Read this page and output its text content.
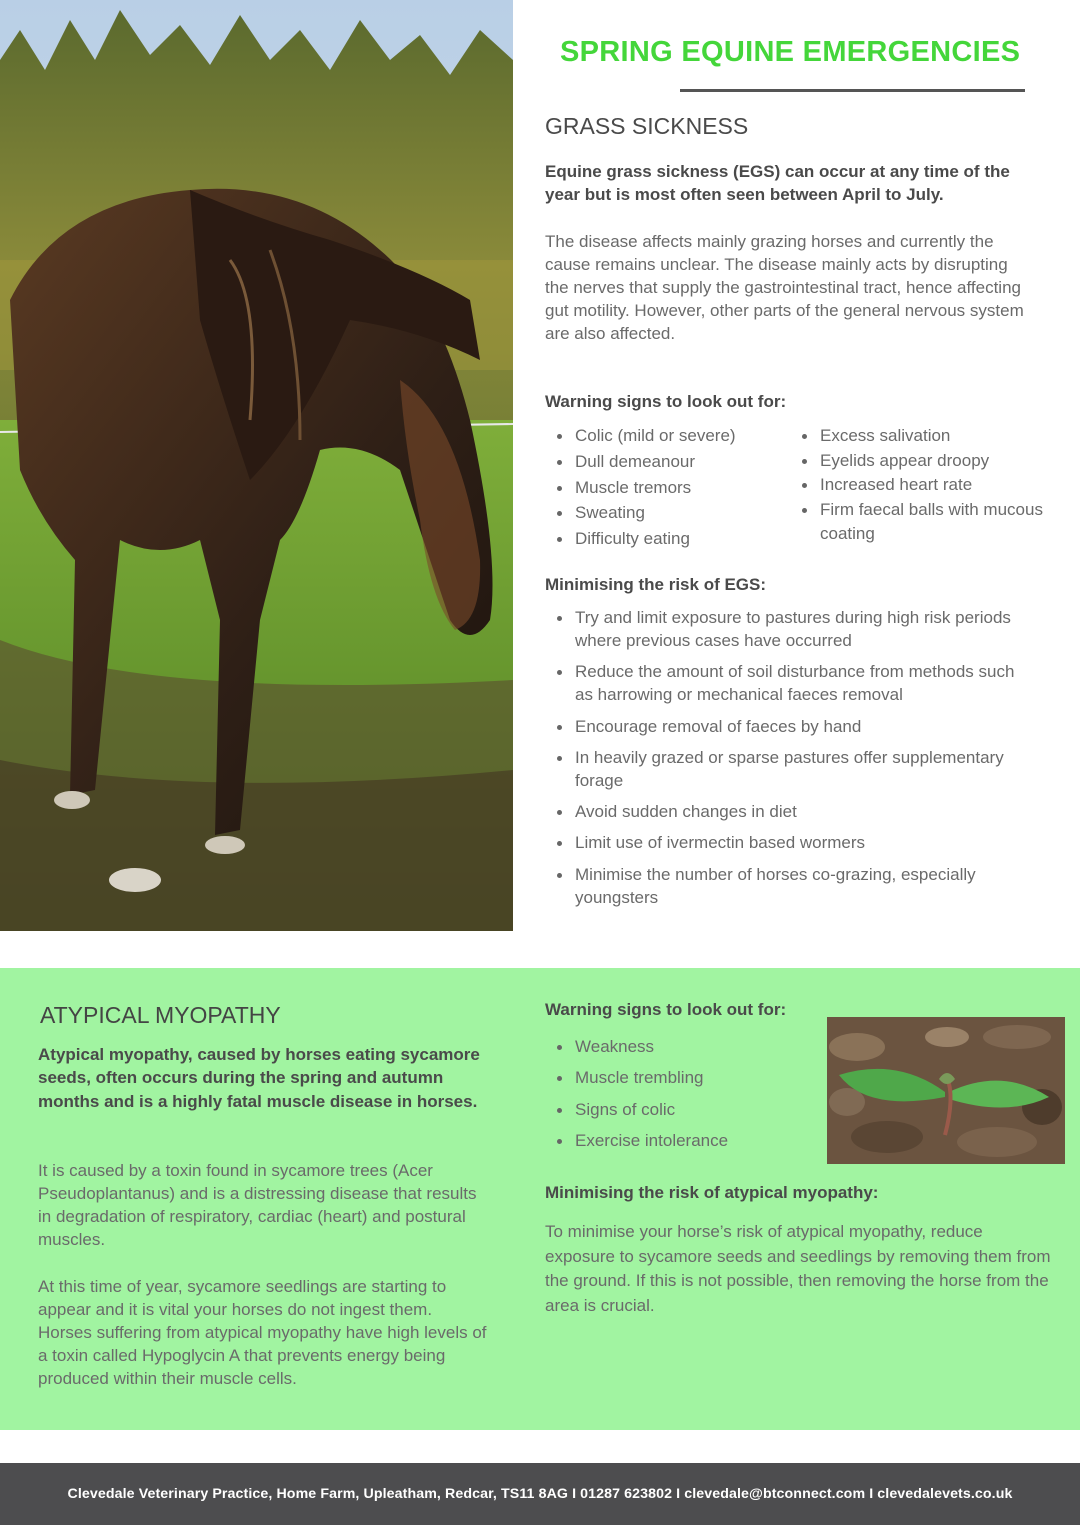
SPRING EQUINE EMERGENCIES
GRASS SICKNESS

Equine grass sickness (EGS) can occur at any time of the year but is most often seen between April to July.

The disease affects mainly grazing horses and currently the cause remains unclear. The disease mainly acts by disrupting the nerves that supply the gastrointestinal tract, hence affecting gut motility. However, other parts of the general nervous system are also affected.

Warning signs to look out for:
Colic (mild or severe)
Dull demeanour
Muscle tremors
Sweating
Difficulty eating
Excess salivation
Eyelids appear droopy
Increased heart rate
Firm faecal balls with mucous coating
Minimising the risk of EGS:
Try and limit exposure to pastures during high risk periods where previous cases have occurred
Reduce the amount of soil disturbance from methods such as harrowing or mechanical faeces removal
Encourage removal of faeces by hand
In heavily grazed or sparse pastures offer supplementary forage
Avoid sudden changes in diet
Limit use of ivermectin based wormers
Minimise the number of horses co-grazing, especially youngsters
ATYPICAL MYOPATHY

Atypical myopathy, caused by horses eating sycamore seeds, often occurs during the spring and autumn months and is a highly fatal muscle disease in horses.

It is caused by a toxin found in sycamore trees (Acer Pseudoplantanus) and is a distressing disease that results in degradation of respiratory, cardiac (heart) and postural muscles.

At this time of year, sycamore seedlings are starting to appear and it is vital your horses do not ingest them. Horses suffering from atypical myopathy have high levels of a toxin called Hypoglycin A that prevents energy being produced within their muscle cells.

Warning signs to look out for:
Weakness
Muscle trembling
Signs of colic
Exercise intolerance
Minimising the risk of atypical myopathy:

To minimise your horse’s risk of atypical myopathy, reduce exposure to sycamore seeds and seedlings by removing them from the ground. If this is not possible, then removing the horse from the area is crucial.

Clevedale Veterinary Practice, Home Farm, Upleatham, Redcar, TS11 8AG I 01287 623802 I clevedale@btconnect.com I clevedalevets.co.uk
